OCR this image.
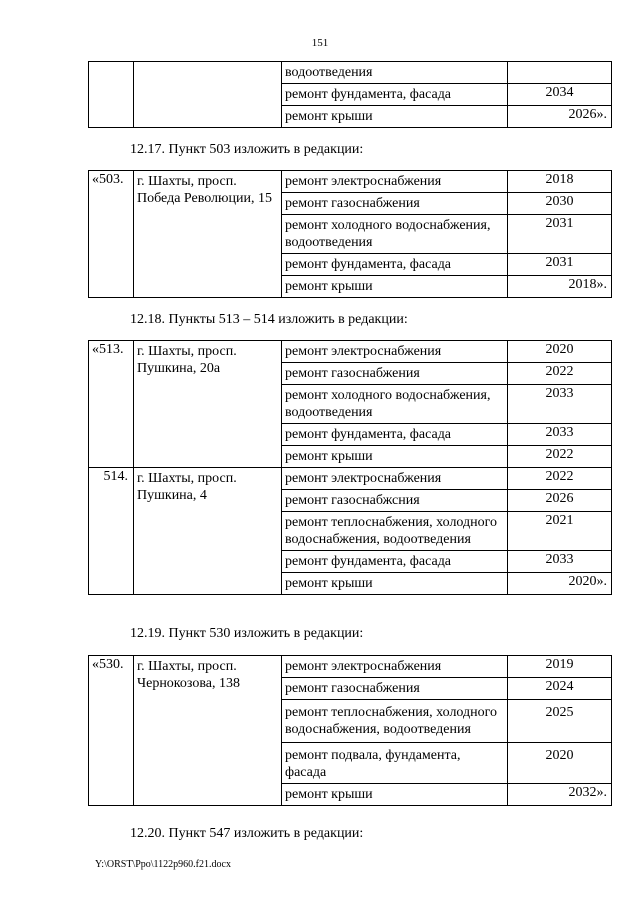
151
		водоотведения	
		ремонт фундамента, фасада	2034
		ремонт крыши	2026».
12.17. Пункт 503 изложить в редакции:
«503.	г. Шахты, просп. Победа Революции, 15	ремонт электроснабжения	2018
		ремонт газоснабжения	2030
		ремонт холодного водоснабжения, водоотведения	2031
		ремонт фундамента, фасада	2031
		ремонт крыши	2018».
12.18. Пункты 513 – 514 изложить в редакции:
«513.	г. Шахты, просп. Пушкина, 20а	ремонт электроснабжения	2020
		ремонт газоснабжения	2022
		ремонт холодного водоснабжения, водоотведения	2033
		ремонт фундамента, фасада	2033
		ремонт крыши	2022
514.	г. Шахты, просп. Пушкина, 4	ремонт электроснабжения	2022
		ремонт газоснабжсния	2026
		ремонт теплоснабжения, холодного водоснабжения, водоотведения	2021
		ремонт фундамента, фасада	2033
		ремонт крыши	2020».
12.19. Пункт 530 изложить в редакции:
«530.	г. Шахты, просп. Чернокозова, 138	ремонт электроснабжения	2019
		ремонт газоснабжения	2024
		ремонт теплоснабжения, холодного водоснабжения, водоотведения	2025
		ремонт подвала, фундамента, фасада	2020
		ремонт крыши	2032».
12.20. Пункт 547 изложить в редакции:
Y:\ORST\Ppo\1122p960.f21.docx
